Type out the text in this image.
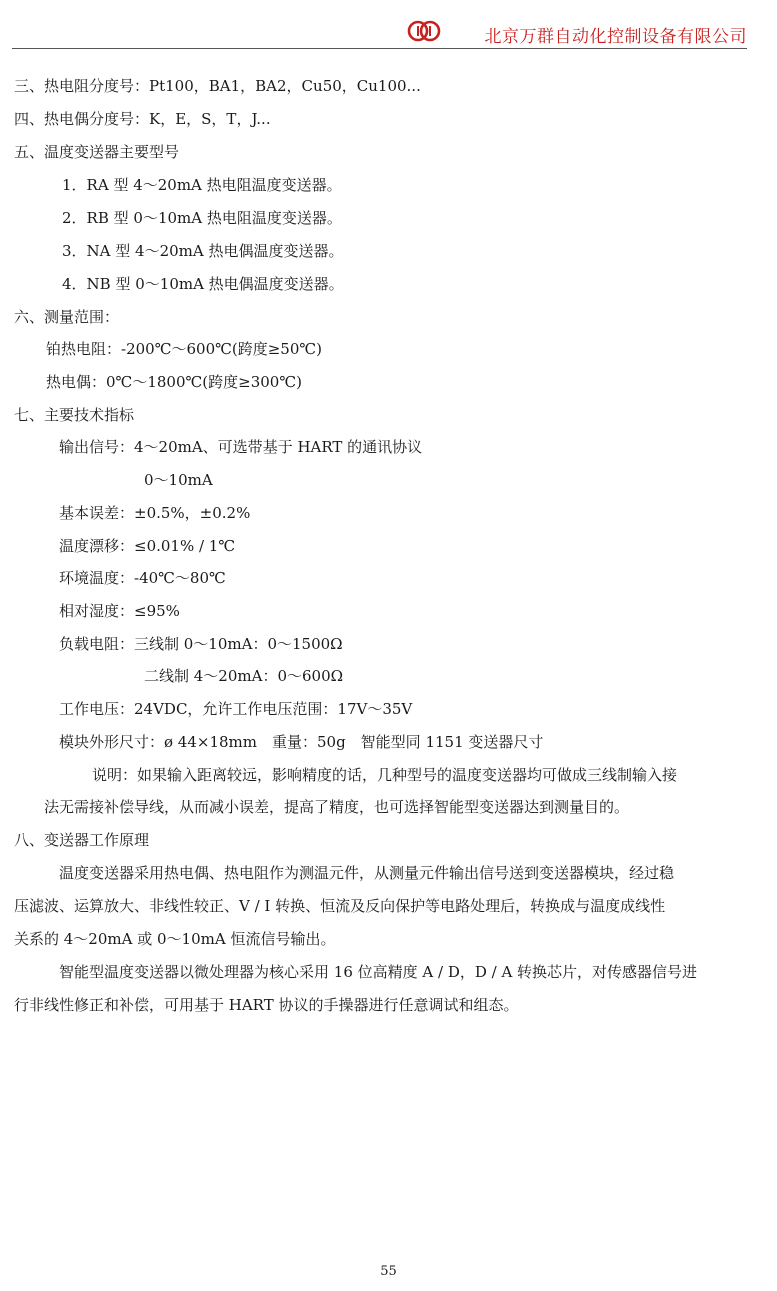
北京万群自动化控制设备有限公司
三、热电阻分度号：Pt100，BA1，BA2，Cu50，Cu100...
四、热电偶分度号：K，E，S，T，J...
五、温度变送器主要型号
1．RA 型 4～20mA 热电阻温度变送器。
2．RB 型 0～10mA 热电阻温度变送器。
3．NA 型 4～20mA 热电偶温度变送器。
4．NB 型 0～10mA 热电偶温度变送器。
六、测量范围：
铂热电阻：-200℃～600℃(跨度≥50℃)
热电偶：0℃～1800℃(跨度≥300℃)
七、主要技术指标
输出信号：4～20mA、可选带基于 HART 的通讯协议
0～10mA
基本误差：±0.5%，±0.2%
温度漂移：≤0.01% / 1℃
环境温度：-40℃～80℃
相对湿度：≤95%
负载电阻：三线制 0～10mA：0～1500Ω
二线制 4～20mA：0～600Ω
工作电压：24VDC，允许工作电压范围：17V～35V
模块外形尺寸：ø 44×18mm　重量：50g　智能型同 1151 变送器尺寸
说明：如果输入距离较远，影响精度的话，几种型号的温度变送器均可做成三线制输入接
法无需接补偿导线，从而减小误差，提高了精度，也可选择智能型变送器达到测量目的。
八、变送器工作原理
温度变送器采用热电偶、热电阻作为测温元件，从测量元件输出信号送到变送器模块，经过稳
压滤波、运算放大、非线性较正、V / I 转换、恒流及反向保护等电路处理后，转换成与温度成线性
关系的 4～20mA 或 0～10mA 恒流信号输出。
智能型温度变送器以微处理器为核心采用 16 位高精度 A / D，D / A 转换芯片，对传感器信号进
行非线性修正和补偿，可用基于 HART 协议的手操器进行任意调试和组态。
55
